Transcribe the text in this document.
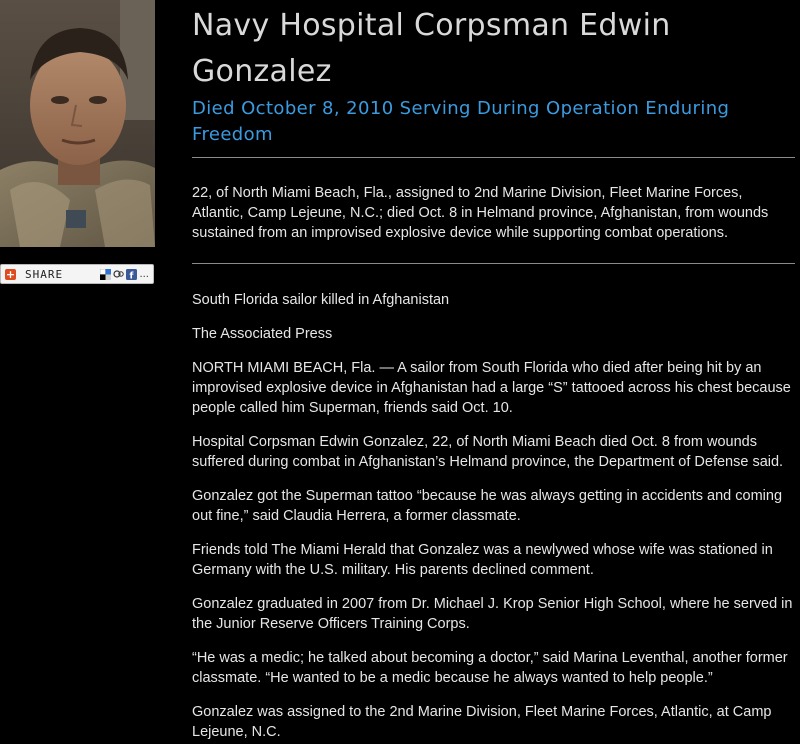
+ SHARE	f ...
Navy Hospital Corpsman Edwin Gonzalez
Died October 8, 2010 Serving During Operation Enduring Freedom
22, of North Miami Beach, Fla., assigned to 2nd Marine Division, Fleet Marine Forces, Atlantic, Camp Lejeune, N.C.; died Oct. 8 in Helmand province, Afghanistan, from wounds sustained from an improvised explosive device while supporting combat operations.

South Florida sailor killed in Afghanistan

The Associated Press

NORTH MIAMI BEACH, Fla. — A sailor from South Florida who died after being hit by an improvised explosive device in Afghanistan had a large “S” tattooed across his chest because people called him Superman, friends said Oct. 10.

Hospital Corpsman Edwin Gonzalez, 22, of North Miami Beach died Oct. 8 from wounds suffered during combat in Afghanistan’s Helmand province, the Department of Defense said.

Gonzalez got the Superman tattoo “because he was always getting in accidents and coming out fine,” said Claudia Herrera, a former classmate.

Friends told The Miami Herald that Gonzalez was a newlywed whose wife was stationed in Germany with the U.S. military. His parents declined comment.

Gonzalez graduated in 2007 from Dr. Michael J. Krop Senior High School, where he served in the Junior Reserve Officers Training Corps.

“He was a medic; he talked about becoming a doctor,” said Marina Leventhal, another former classmate. “He wanted to be a medic because he always wanted to help people.”

Gonzalez was assigned to the 2nd Marine Division, Fleet Marine Forces, Atlantic, at Camp Lejeune, N.C.
